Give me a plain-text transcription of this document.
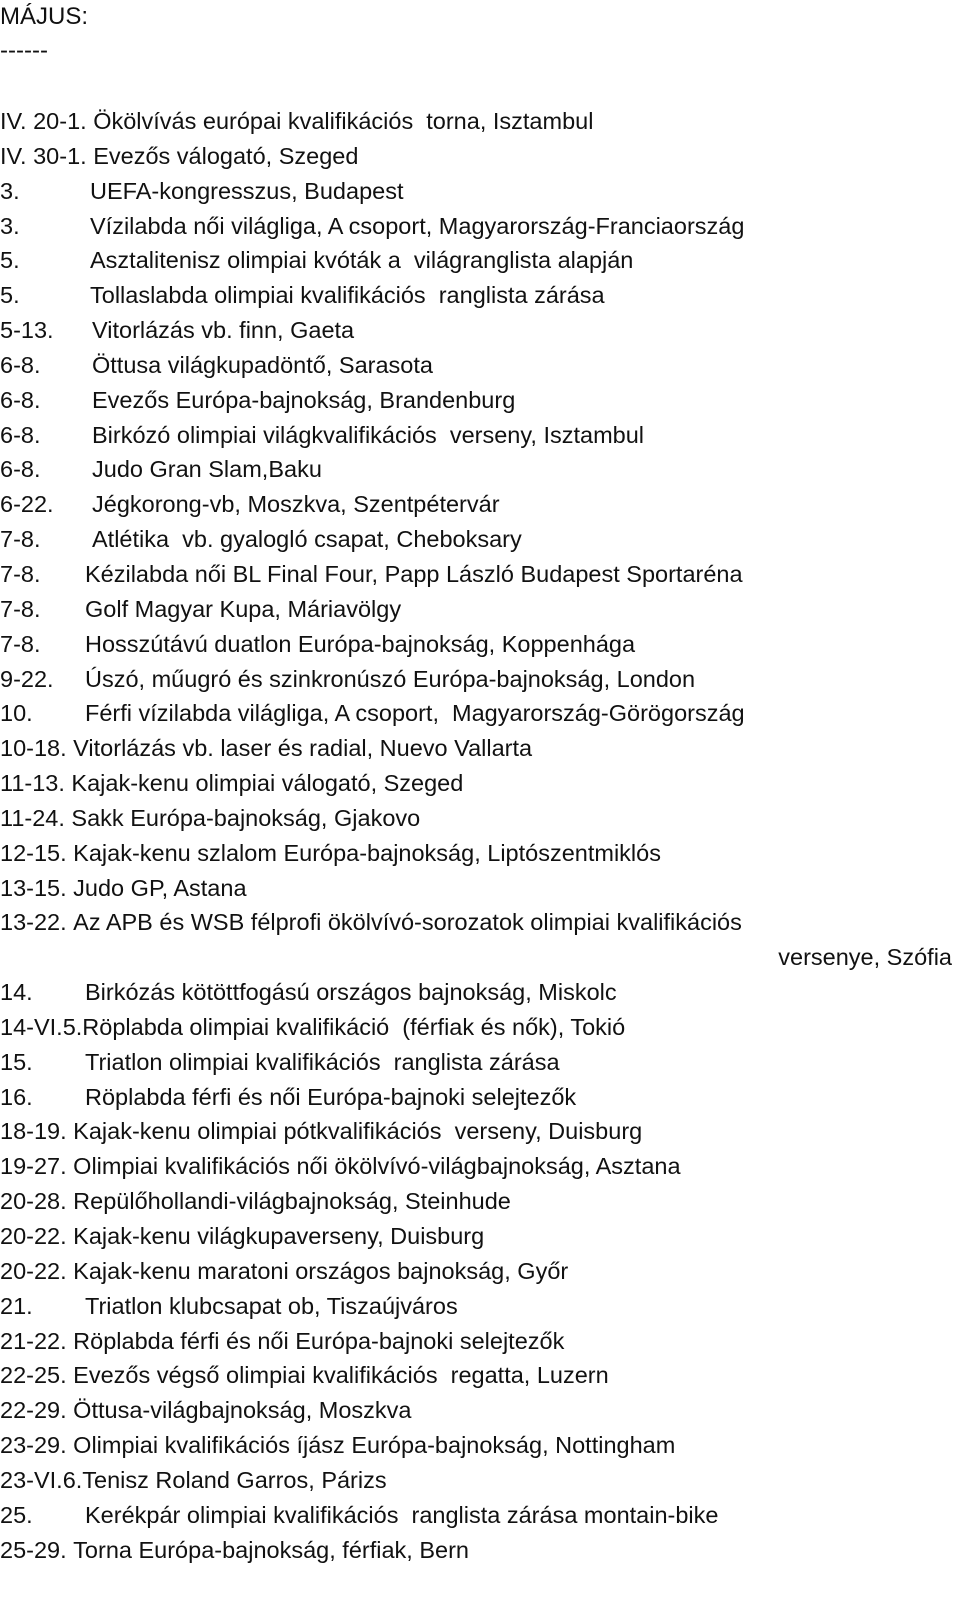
MÁJUS:
------
IV. 20-1. Ökölvívás európai kvalifikációs  torna, Isztambul
IV. 30-1. Evezős válogató, Szeged
3.	UEFA-kongresszus, Budapest
3.	Vízilabda női világliga, A csoport, Magyarország-Franciaország
5.	Asztalitenisz olimpiai kvóták a  világranglista alapján
5.	Tollaslabda olimpiai kvalifikációs  ranglista zárása
5-13.	Vitorlázás vb. finn, Gaeta
6-8.	Öttusa világkupadöntő, Sarasota
6-8.	Evezős Európa-bajnokság, Brandenburg
6-8.	Birkózó olimpiai világkvalifikációs  verseny, Isztambul
6-8.	Judo Gran Slam,Baku
6-22.	Jégkorong-vb, Moszkva, Szentpétervár
7-8.	Atlétika  vb. gyalogló csapat, Cheboksary
7-8.	Kézilabda női BL Final Four, Papp László Budapest Sportaréna
7-8.	Golf Magyar Kupa, Máriavölgy
7-8.	Hosszútávú duatlon Európa-bajnokság, Koppenhága
9-22.	Úszó, műugró és szinkronúszó Európa-bajnokság, London
10.	Férfi vízilabda világliga, A csoport,  Magyarország-Görögország
10-18. Vitorlázás vb. laser és radial, Nuevo Vallarta
11-13. Kajak-kenu olimpiai válogató, Szeged
11-24. Sakk Európa-bajnokság, Gjakovo
12-15. Kajak-kenu szlalom Európa-bajnokság, Liptószentmiklós
13-15. Judo GP, Astana
13-22. Az APB és WSB félprofi ökölvívó-sorozatok olimpiai kvalifikációs
versenye, Szófia
14.	Birkózás kötöttfogású országos bajnokság, Miskolc
14-VI.5. Röplabda olimpiai kvalifikáció  (férfiak és nők), Tokió
15.	Triatlon olimpiai kvalifikációs  ranglista zárása
16.	Röplabda férfi és női Európa-bajnoki selejtezők
18-19. Kajak-kenu olimpiai pótkvalifikációs  verseny, Duisburg
19-27. Olimpiai kvalifikációs női ökölvívó-világbajnokság, Asztana
20-28. Repülőhollandi-világbajnokság, Steinhude
20-22. Kajak-kenu világkupaverseny, Duisburg
20-22. Kajak-kenu maratoni országos bajnokság, Győr
21.	Triatlon klubcsapat ob, Tiszaújváros
21-22. Röplabda férfi és női Európa-bajnoki selejtezők
22-25. Evezős végső olimpiai kvalifikációs  regatta, Luzern
22-29. Öttusa-világbajnokság, Moszkva
23-29. Olimpiai kvalifikációs íjász Európa-bajnokság, Nottingham
23-VI.6. Tenisz Roland Garros, Párizs
25.	Kerékpár olimpiai kvalifikációs  ranglista zárása montain-bike
25-29. Torna Európa-bajnokság, férfiak, Bern
